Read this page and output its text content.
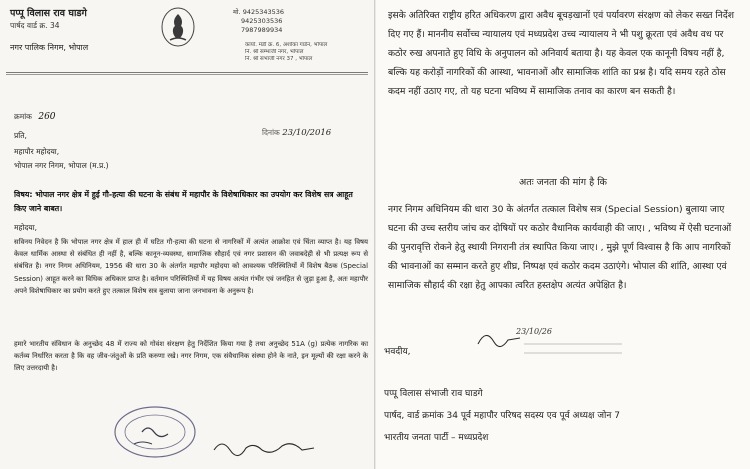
पप्पू विलास राव घाडगे
पार्षद वार्ड क्र. 34
नगर पालिक निगम, भोपाल
मो. 9425343536
9425303536
7987989934
कार्या. मंडी क्र. 6, अशोका गार्डन, भोपाल
नि. श्री सम्भाजी नगर, भोपाल
नि. श्री संभाजी नगर 37 , भोपाल
क्रमांक 260
दिनांक 23/10/2016
प्रति,
महापौर महोदया,
भोपाल नगर निगम, भोपाल (म.प्र.)
विषय: भोपाल नगर क्षेत्र में हुई गौ-हत्या की घटना के संबंध में महापौर के विशेषाधिकार का उपयोग कर विशेष सत्र आहूत किए जाने बाबत।
महोदया,
सविनय निवेदन है कि भोपाल नगर क्षेत्र में हाल ही में घटित गौ-हत्या की घटना से नागरिकों में अत्यंत आक्रोश एवं चिंता व्याप्त है। यह विषय केवल धार्मिक आस्था से संबंधित ही नहीं है, बल्कि कानून-व्यवस्था, सामाजिक सौहार्द एवं नगर प्रशासन की जवाबदेही से भी प्रत्यक्ष रूप से संबंधित है। नगर निगम अधिनियम, 1956 की धारा 30 के अंतर्गत महापौर महोदया को आवश्यक परिस्थितियों में विशेष बैठक (Special Session) आहूत करने का विधिक अधिकार प्राप्त है। वर्तमान परिस्थितियों में यह विषय अत्यंत गंभीर एवं जनहित से जुड़ा हुआ है, अतः महापौर अपने विशेषाधिकार का प्रयोग करते हुए तत्काल विशेष सत्र बुलाया जाना जनभावना के अनुरूप है।
हमारे भारतीय संविधान के अनुच्छेद 48 में राज्य को गोवंश संरक्षण हेतु निर्देशित किया गया है तथा अनुच्छेद 51A (g) प्रत्येक नागरिक का कर्तव्य निर्धारित करता है कि वह जीव-जंतुओं के प्रति करुणा रखे। नगर निगम, एक संवैधानिक संस्था होने के नाते, इन मूल्यों की रक्षा करने के लिए उत्तरदायी है।
इसके अतिरिक्त राष्ट्रीय हरित अधिकरण द्वारा अवैध बूचड़खानों एवं पर्यावरण संरक्षण को लेकर सख्त निर्देश दिए गए हैं। माननीय सर्वोच्च न्यायालय एवं मध्यप्रदेश उच्च न्यायालय ने भी पशु क्रूरता एवं अवैध वध पर कठोर रुख अपनाते हुए विधि के अनुपालन को अनिवार्य बताया है। यह केवल एक कानूनी विषय नहीं है, बल्कि यह करोड़ों नागरिकों की आस्था, भावनाओं और सामाजिक शांति का प्रश्न है। यदि समय रहते ठोस कदम नहीं उठाए गए, तो यह घटना भविष्य में सामाजिक तनाव का कारण बन सकती है।
अतः जनता की मांग है कि
नगर निगम अधिनियम की धारा 30 के अंतर्गत तत्काल विशेष सत्र (Special Session) बुलाया जाए घटना की उच्च स्तरीय जांच कर दोषियों पर कठोर वैधानिक कार्यवाही की जाए। , भविष्य में ऐसी घटनाओं की पुनरावृत्ति रोकने हेतु स्थायी निगरानी तंत्र स्थापित किया जाए। , मुझे पूर्ण विश्वास है कि आप नागरिकों की भावनाओं का सम्मान करते हुए शीघ्र, निष्पक्ष एवं कठोर कदम उठाएंगे। भोपाल की शांति, आस्था एवं सामाजिक सौहार्द की रक्षा हेतु आपका त्वरित हस्तक्षेप अत्यंत अपेक्षित है।
23/10/26
भवदीय,
पप्पू विलास संभाजी राव घाडगे
पार्षद, वार्ड क्रमांक 34 पूर्व महापौर परिषद सदस्य एव पूर्व अध्यक्ष जोन 7
भारतीय जनता पार्टी – मध्यप्रदेश
